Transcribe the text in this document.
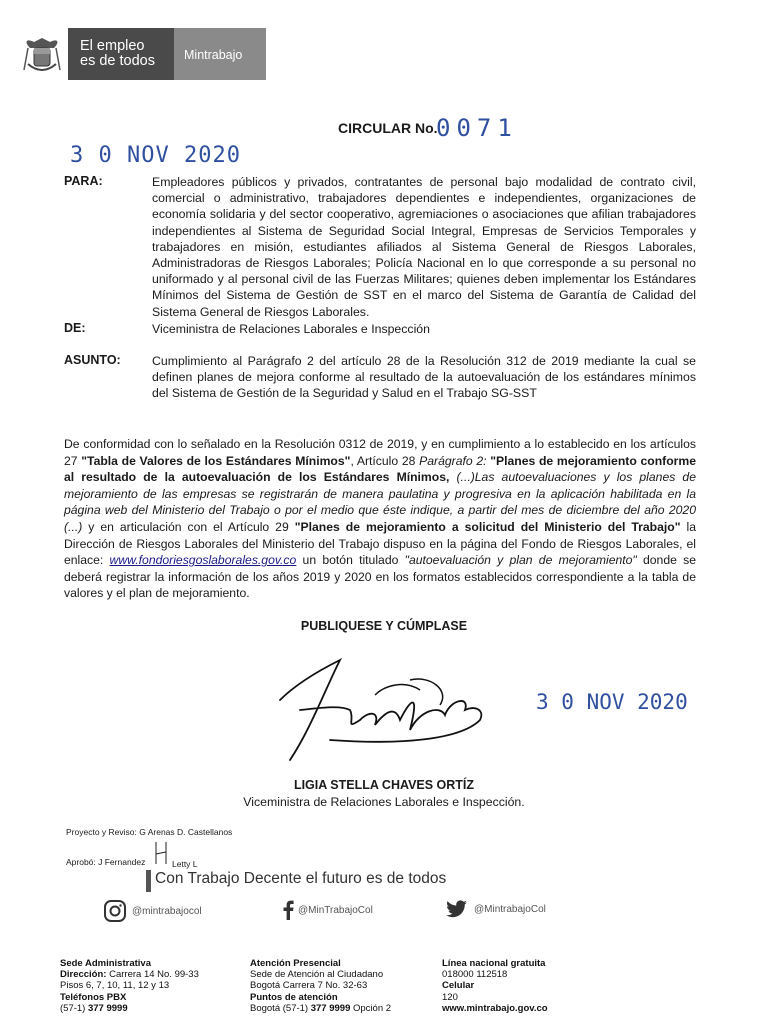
El empleo
es de todos	Mintrabajo
CIRCULAR No.
0071
3 0 NOV 2020
PARA:	Empleadores públicos y privados, contratantes de personal bajo modalidad de contrato civil, comercial o administrativo, trabajadores dependientes e independientes, organizaciones de economía solidaria y del sector cooperativo, agremiaciones o asociaciones que afilian trabajadores independientes al Sistema de Seguridad Social Integral, Empresas de Servicios Temporales y trabajadores en misión, estudiantes afiliados al Sistema General de Riesgos Laborales, Administradoras de Riesgos Laborales; Policía Nacional en lo que corresponde a su personal no uniformado y al personal civil de las Fuerzas Militares; quienes deben implementar los Estándares Mínimos del Sistema de Gestión de SST en el marco del Sistema de Garantía de Calidad del Sistema General de Riesgos Laborales.
DE:	Viceministra de Relaciones Laborales e Inspección
ASUNTO:	Cumplimiento al Parágrafo 2 del artículo 28 de la Resolución 312 de 2019 mediante la cual se definen planes de mejora conforme al resultado de la autoevaluación de los estándares mínimos del Sistema de Gestión de la Seguridad y Salud en el Trabajo SG-SST
De conformidad con lo señalado en la Resolución 0312 de 2019, y en cumplimiento a lo establecido en los artículos 27 "Tabla de Valores de los Estándares Mínimos", Artículo 28 Parágrafo 2: "Planes de mejoramiento conforme al resultado de la autoevaluación de los Estándares Mínimos, (...)Las autoevaluaciones y los planes de mejoramiento de las empresas se registrarán de manera paulatina y progresiva en la aplicación habilitada en la página web del Ministerio del Trabajo o por el medio que éste indique, a partir del mes de diciembre del año 2020 (...) y en articulación con el Artículo 29 "Planes de mejoramiento a solicitud del Ministerio del Trabajo" la Dirección de Riesgos Laborales del Ministerio del Trabajo dispuso en la página del Fondo de Riesgos Laborales, el enlace: www.fondoriesgoslaborales.gov.co un botón titulado "autoevaluación y plan de mejoramiento" donde se deberá registrar la información de los años 2019 y 2020 en los formatos establecidos correspondiente a la tabla de valores y el plan de mejoramiento.
PUBLIQUESE Y CÚMPLASE
3 0 NOV 2020
LIGIA STELLA CHAVES ORTÍZ
Viceministra de Relaciones Laborales e Inspección.
Proyecto y Reviso: G Arenas D. Castellanos
Aprobó: J Fernandez	Letty L
Con Trabajo Decente el futuro es de todos
@mintrabajocol	@MinTrabajoCol	@MintrabajoCol
Sede Administrativa
Dirección: Carrera 14 No. 99-33
Pisos 6, 7, 10, 11, 12 y 13
Teléfonos PBX
(57-1) 377 9999
Atención Presencial
Sede de Atención al Ciudadano
Bogotá Carrera 7 No. 32-63
Puntos de atención
Bogotá (57-1) 377 9999 Opción 2
Línea nacional gratuita
018000 112518
Celular
120
www.mintrabajo.gov.co
